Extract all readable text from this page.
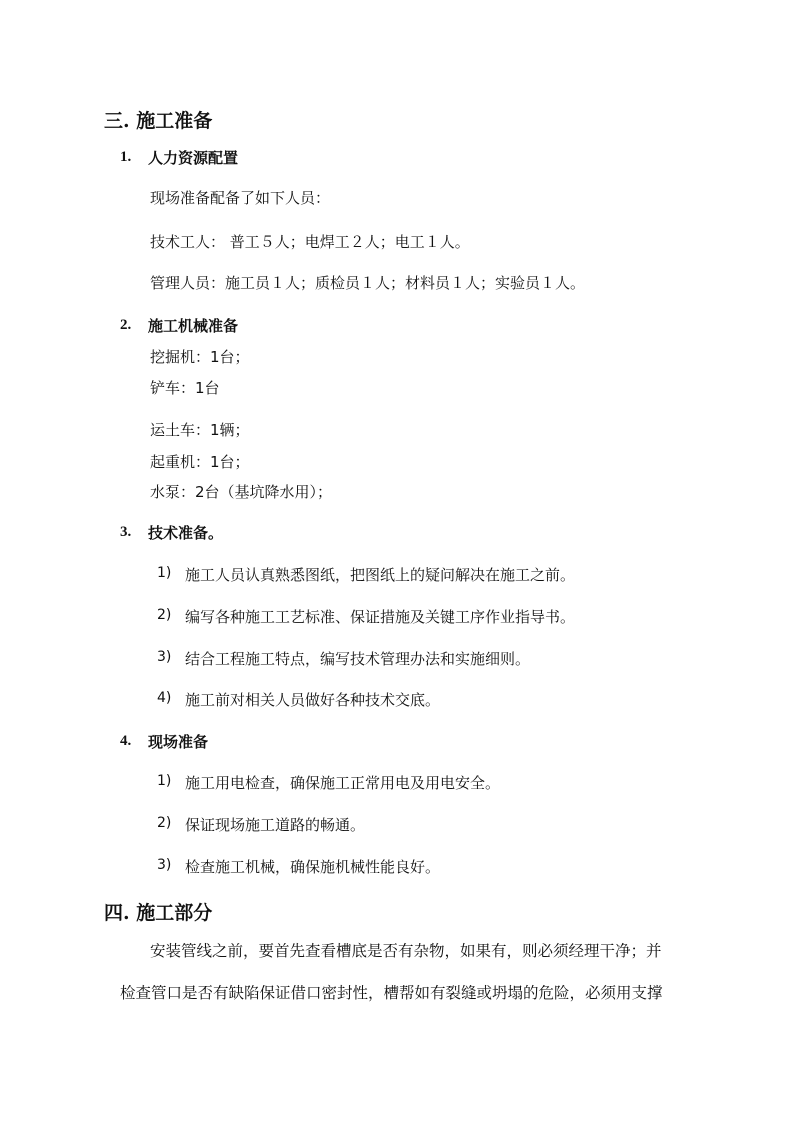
三. 施工准备
1. 人力资源配置
现场准备配备了如下人员：
技术工人： 普工５人；电焊工２人；电工１人。
管理人员：施工员１人；质检员１人；材料员１人；实验员１人。
2. 施工机械准备
挖掘机：1台；
铲车：1台
运土车：1辆；
起重机：1台；
水泵：2台（基坑降水用）；
3. 技术准备。
1) 施工人员认真熟悉图纸，把图纸上的疑问解决在施工之前。
2) 编写各种施工工艺标准、保证措施及关键工序作业指导书。
3) 结合工程施工特点，编写技术管理办法和实施细则。
4) 施工前对相关人员做好各种技术交底。
4. 现场准备
1) 施工用电检查，确保施工正常用电及用电安全。
2) 保证现场施工道路的畅通。
3) 检查施工机械，确保施机械性能良好。
四. 施工部分
安装管线之前，要首先查看槽底是否有杂物，如果有，则必须经理干净；并
检查管口是否有缺陷保证借口密封性，槽帮如有裂缝或坍塌的危险，必须用支撑
